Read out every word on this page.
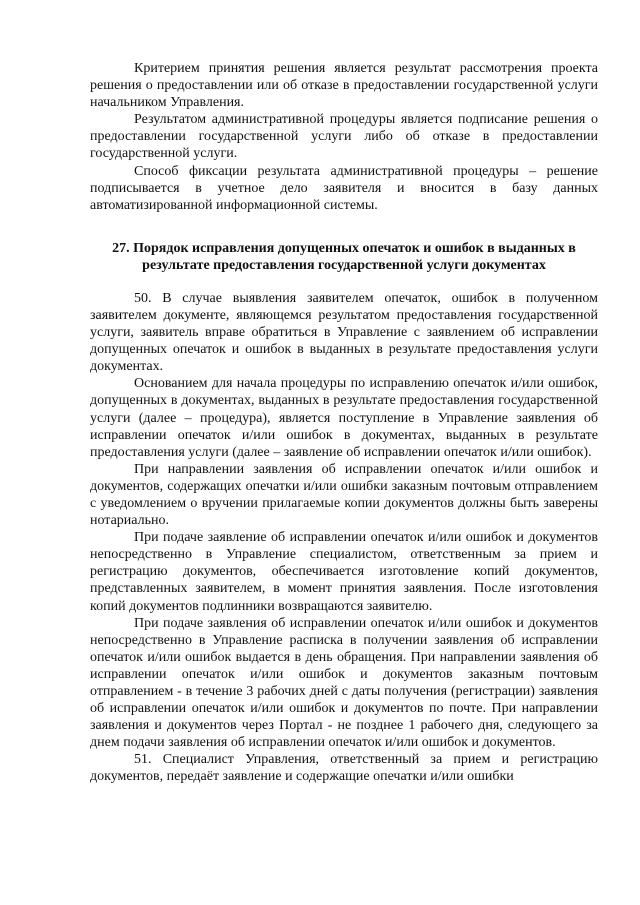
Критерием принятия решения является результат рассмотрения проекта решения о предоставлении или об отказе в предоставлении государственной услуги начальником Управления.

Результатом административной процедуры является подписание решения о предоставлении государственной услуги либо об отказе в предоставлении государственной услуги.

Способ фиксации результата административной процедуры – решение подписывается в учетное дело заявителя и вносится в базу данных автоматизированной информационной системы.

27. Порядок исправления допущенных опечаток и ошибок в выданных в результате предоставления государственной услуги документах

50. В случае выявления заявителем опечаток, ошибок в полученном заявителем документе, являющемся результатом предоставления государственной услуги, заявитель вправе обратиться в Управление с заявлением об исправлении допущенных опечаток и ошибок в выданных в результате предоставления услуги документах.

Основанием для начала процедуры по исправлению опечаток и/или ошибок, допущенных в документах, выданных в результате предоставления государственной услуги (далее – процедура), является поступление в Управление заявления об исправлении опечаток и/или ошибок в документах, выданных в результате предоставления услуги (далее – заявление об исправлении опечаток и/или ошибок).

При направлении заявления об исправлении опечаток и/или ошибок и документов, содержащих опечатки и/или ошибки заказным почтовым отправлением с уведомлением о вручении прилагаемые копии документов должны быть заверены нотариально.

При подаче заявление об исправлении опечаток и/или ошибок и документов непосредственно в Управление специалистом, ответственным за прием и регистрацию документов, обеспечивается изготовление копий документов, представленных заявителем, в момент принятия заявления. После изготовления копий документов подлинники возвращаются заявителю.

При подаче заявления об исправлении опечаток и/или ошибок и документов непосредственно в Управление расписка в получении заявления об исправлении опечаток и/или ошибок выдается в день обращения. При направлении заявления об исправлении опечаток и/или ошибок и документов заказным почтовым отправлением - в течение 3 рабочих дней с даты получения (регистрации) заявления об исправлении опечаток и/или ошибок и документов по почте. При направлении заявления и документов через Портал - не позднее 1 рабочего дня, следующего за днем подачи заявления об исправлении опечаток и/или ошибок и документов.

51. Специалист Управления, ответственный за прием и регистрацию документов, передаёт заявление и содержащие опечатки и/или ошибки
